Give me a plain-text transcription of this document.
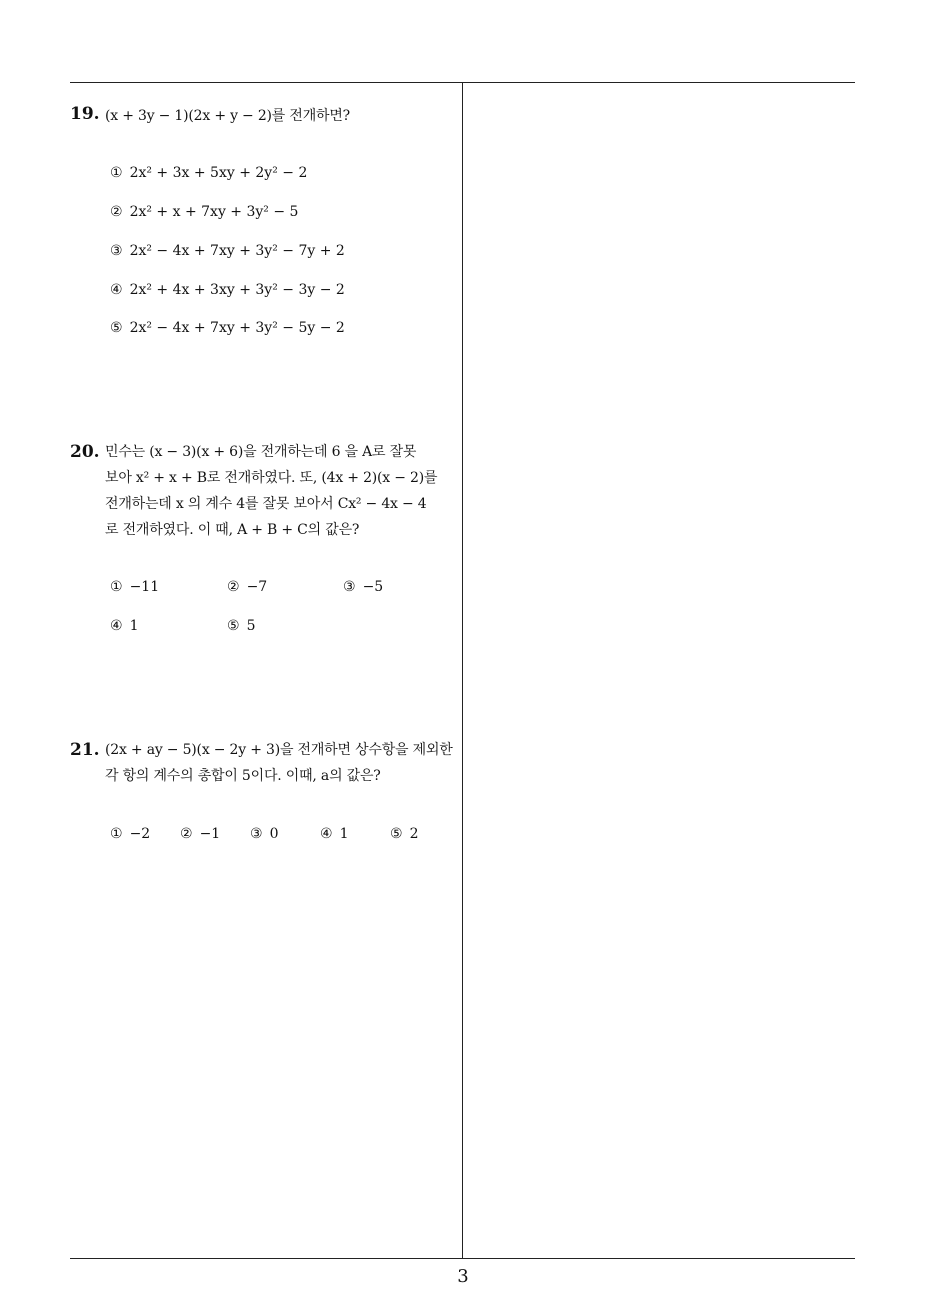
19. (x + 3y − 1)(2x + y − 2)를 전개하면?
① 2x² + 3x + 5xy + 2y² − 2
② 2x² + x + 7xy + 3y² − 5
③ 2x² − 4x + 7xy + 3y² − 7y + 2
④ 2x² + 4x + 3xy + 3y² − 3y − 2
⑤ 2x² − 4x + 7xy + 3y² − 5y − 2
20. 민수는 (x − 3)(x + 6)을 전개하는데 6 을 A로 잘못
보아 x² + x + B로 전개하였다. 또, (4x + 2)(x − 2)를
전개하는데 x 의 계수 4를 잘못 보아서 Cx² − 4x − 4
로 전개하였다. 이 때, A + B + C의 값은?
① −11	② −7	③ −5
④ 1	⑤ 5
21. (2x + ay − 5)(x − 2y + 3)을 전개하면 상수항을 제외한
각 항의 계수의 총합이 5이다. 이때, a의 값은?
① −2 ② −1 ③ 0	④ 1	⑤ 2
3
